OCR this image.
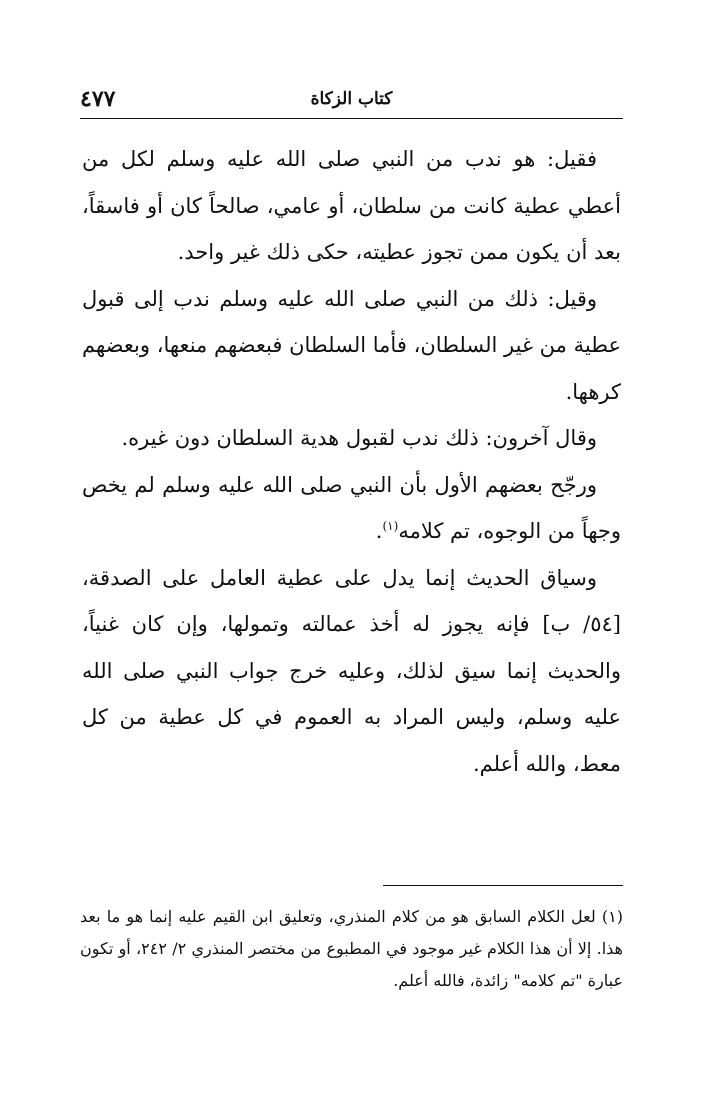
كتاب الزكاة
٤٧٧

فقيل: هو ندب من النبي صلى الله عليه وسلم لكل من أعطي عطية كانت من سلطان، أو عامي، صالحاً كان أو فاسقاً، بعد أن يكون ممن تجوز عطيته، حكى ذلك غير واحد.

وقيل: ذلك من النبي صلى الله عليه وسلم ندب إلى قبول عطية من غير السلطان، فأما السلطان فبعضهم منعها، وبعضهم كرهها.

وقال آخرون: ذلك ندب لقبول هدية السلطان دون غيره.

ورجّح بعضهم الأول بأن النبي صلى الله عليه وسلم لم يخص وجهاً من الوجوه، تم كلامه$^{(١)}$.

وسياق الحديث إنما يدل على عطية العامل على الصدقة، [٥٤/ ب] فإنه يجوز له أخذ عمالته وتمولها، وإن كان غنياً، والحديث إنما سيق لذلك، وعليه خرج جواب النبي صلى الله عليه وسلم، وليس المراد به العموم في كل عطية من كل معط، والله أعلم.

(١) لعل الكلام السابق هو من كلام المنذري، وتعليق ابن القيم عليه إنما هو ما بعد هذا. إلا أن هذا الكلام غير موجود في المطبوع من مختصر المنذري ٢/ ٢٤٢، أو تكون عبارة "تم كلامه" زائدة، فالله أعلم.
